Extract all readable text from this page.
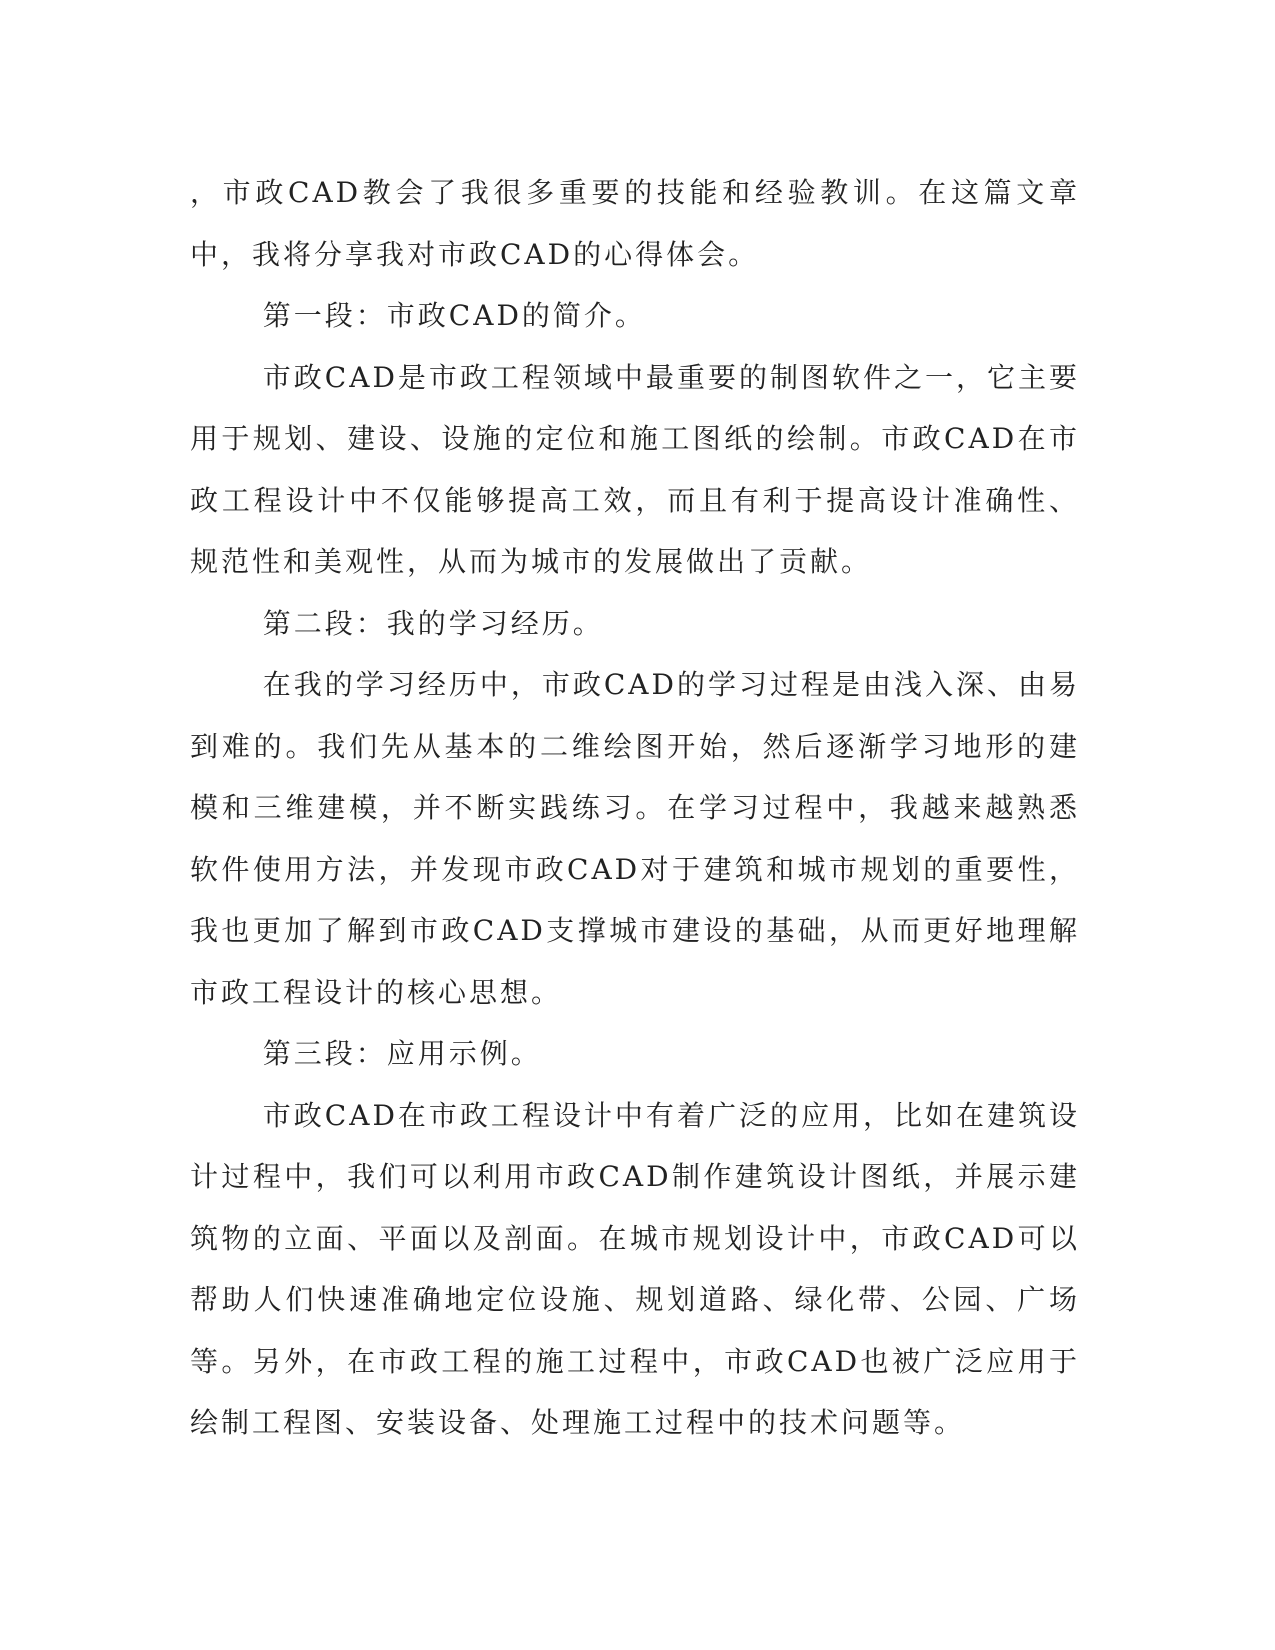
，市政CAD教会了我很多重要的技能和经验教训。在这篇文章中，我将分享我对市政CAD的心得体会。

第一段：市政CAD的简介。

市政CAD是市政工程领域中最重要的制图软件之一，它主要用于规划、建设、设施的定位和施工图纸的绘制。市政CAD在市政工程设计中不仅能够提高工效，而且有利于提高设计准确性、规范性和美观性，从而为城市的发展做出了贡献。

第二段：我的学习经历。

在我的学习经历中，市政CAD的学习过程是由浅入深、由易到难的。我们先从基本的二维绘图开始，然后逐渐学习地形的建模和三维建模，并不断实践练习。在学习过程中，我越来越熟悉软件使用方法，并发现市政CAD对于建筑和城市规划的重要性，我也更加了解到市政CAD支撑城市建设的基础，从而更好地理解市政工程设计的核心思想。

第三段：应用示例。

市政CAD在市政工程设计中有着广泛的应用，比如在建筑设计过程中，我们可以利用市政CAD制作建筑设计图纸，并展示建筑物的立面、平面以及剖面。在城市规划设计中，市政CAD可以帮助人们快速准确地定位设施、规划道路、绿化带、公园、广场等。另外，在市政工程的施工过程中，市政CAD也被广泛应用于绘制工程图、安装设备、处理施工过程中的技术问题等。
